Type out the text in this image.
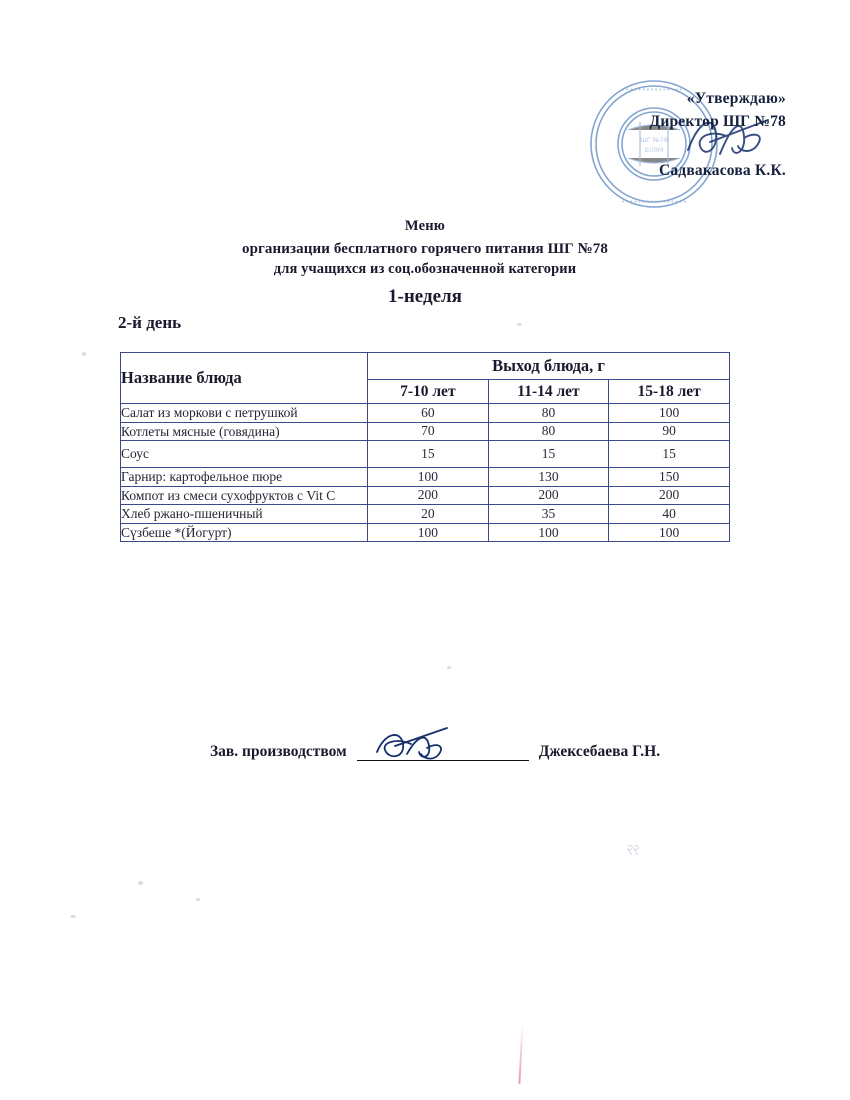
••••••••••••••••
••••••••••••••••
ШГ №78
БІЛІМ
«Утверждаю»
Директор ШГ №78
Садвакасова К.К.
Меню
организации бесплатного горячего питания ШГ №78
для учащихся из соц.обозначенной категории
1-неделя
2-й день
Название блюда	Выход блюда, г		
	7-10 лет	11-14 лет	15-18 лет
Салат из моркови с петрушкой	60	80	100
Котлеты мясные (говядина)	70	80	90
Соус	15	15	15
Гарнир: картофельное пюре	100	130	150
Компот из смеси сухофруктов с Vit C	200	200	200
Хлеб ржано-пшеничный	20	35	40
Сүзбеше *(Йогурт)	100	100	100
Зав. производством	Джексебаева Г.Н.
၃၃
